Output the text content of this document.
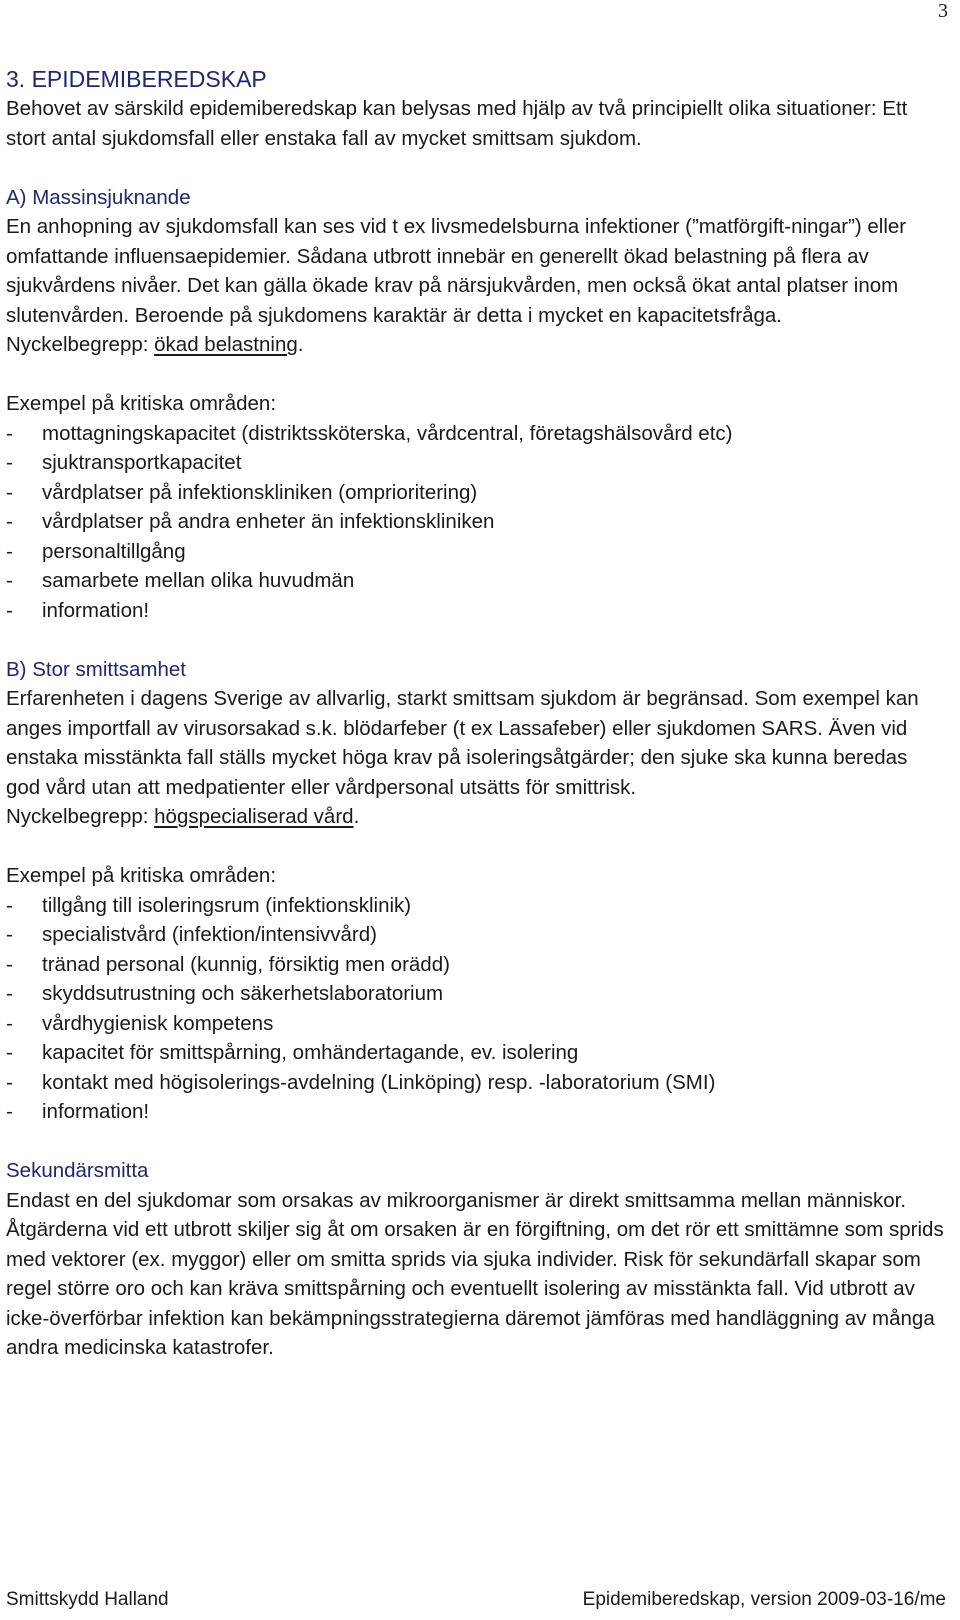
3
3. EPIDEMIBEREDSKAP

Behovet av särskild epidemiberedskap kan belysas med hjälp av två principiellt olika situationer: Ett stort antal sjukdomsfall eller enstaka fall av mycket smittsam sjukdom.

A) Massinsjuknande

En anhopning av sjukdomsfall kan ses vid t ex livsmedelsburna infektioner (”matförgift-ningar”) eller omfattande influensaepidemier. Sådana utbrott innebär en generellt ökad belastning på flera av sjukvårdens nivåer. Det kan gälla ökade krav på närsjukvården, men också ökat antal platser inom slutenvården. Beroende på sjukdomens karaktär är detta i mycket en kapacitetsfråga.

Nyckelbegrepp: ökad belastning.

Exempel på kritiska områden:

- mottagningskapacitet (distriktssköterska, vårdcentral, företagshälsovård etc)
- sjuktransportkapacitet
- vårdplatser på infektionskliniken (omprioritering)
- vårdplatser på andra enheter än infektionskliniken
- personaltillgång
- samarbete mellan olika huvudmän
- information!
B) Stor smittsamhet

Erfarenheten i dagens Sverige av allvarlig, starkt smittsam sjukdom är begränsad. Som exempel kan anges importfall av virusorsakad s.k. blödarfeber (t ex Lassafeber) eller sjukdomen SARS. Även vid enstaka misstänkta fall ställs mycket höga krav på isoleringsåtgärder; den sjuke ska kunna beredas god vård utan att medpatienter eller vårdpersonal utsätts för smittrisk.

Nyckelbegrepp: högspecialiserad vård.

Exempel på kritiska områden:

- tillgång till isoleringsrum (infektionsklinik)
- specialistvård (infektion/intensivvård)
- tränad personal (kunnig, försiktig men orädd)
- skyddsutrustning och säkerhetslaboratorium
- vårdhygienisk kompetens
- kapacitet för smittspårning, omhändertagande, ev. isolering
- kontakt med högisolerings-avdelning (Linköping) resp. -laboratorium (SMI)
- information!
Sekundärsmitta

Endast en del sjukdomar som orsakas av mikroorganismer är direkt smittsamma mellan människor. Åtgärderna vid ett utbrott skiljer sig åt om orsaken är en förgiftning, om det rör ett smittämne som sprids med vektorer (ex. myggor) eller om smitta sprids via sjuka individer. Risk för sekundärfall skapar som regel större oro och kan kräva smittspårning och eventuellt isolering av misstänkta fall. Vid utbrott av icke-överförbar infektion kan bekämpningsstrategierna däremot jämföras med handläggning av många andra medicinska katastrofer.

Smittskydd Halland	Epidemiberedskap, version 2009-03-16/me
